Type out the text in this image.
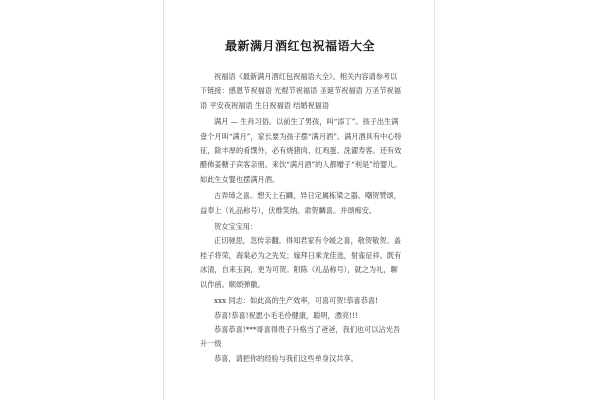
最新满月酒红包祝福语大全

祝福语《最新满月酒红包祝福语大全》。相关内容请参考以下链接：感恩节祝福语 光棍节祝福语 圣诞节祝福语 万圣节祝福语 平安夜祝福语 生日祝福语 结婚祝福语

满月 — 生肖习俗。以前生了男孩，叫“添丁”。孩子出生满壹个月叫“满月”，家长要为孩子摆“满月酒”。满月酒具有中心特征，除丰厚的肴馔外，必有烧猪肉、红鸡蛋、洗濯寿客。还有效醋佈姜糖子宾客亲朋。来饮“满月酒”的人都赠子“利是”给婴儿。如此生女婴也摆满月酒。

古弄璋之喜。想天上石麟，异日定属栋梁之器。嘲贺赞颂，益奉上（礼品称号），伏维笑纳。肃贺麟喜。并颂痴安。

贺女宝宝用：

正切驰思，忽传亲翻。得知君家有令媛之喜，敬贺敬贺。盖桂子将荣，海棠必为之先发；嫁拜日乘龙佳选，射雀征祥。既有冰清，自来玉润，更为可贺。附陈（礼品称号），就之为礼，聊以作函。顺颂弹徽。

xxx 同志：如此高的生产效率，可喜可贺!恭喜恭喜!

恭喜!恭喜!祝愿小毛毛伶健康，聪明，漂亮!!!

恭喜恭喜!***哥喜得贵子升格当了爸爸，我们也可以沾光吾升一级

恭喜，请把你的经验与我们这些单身汉共享。
